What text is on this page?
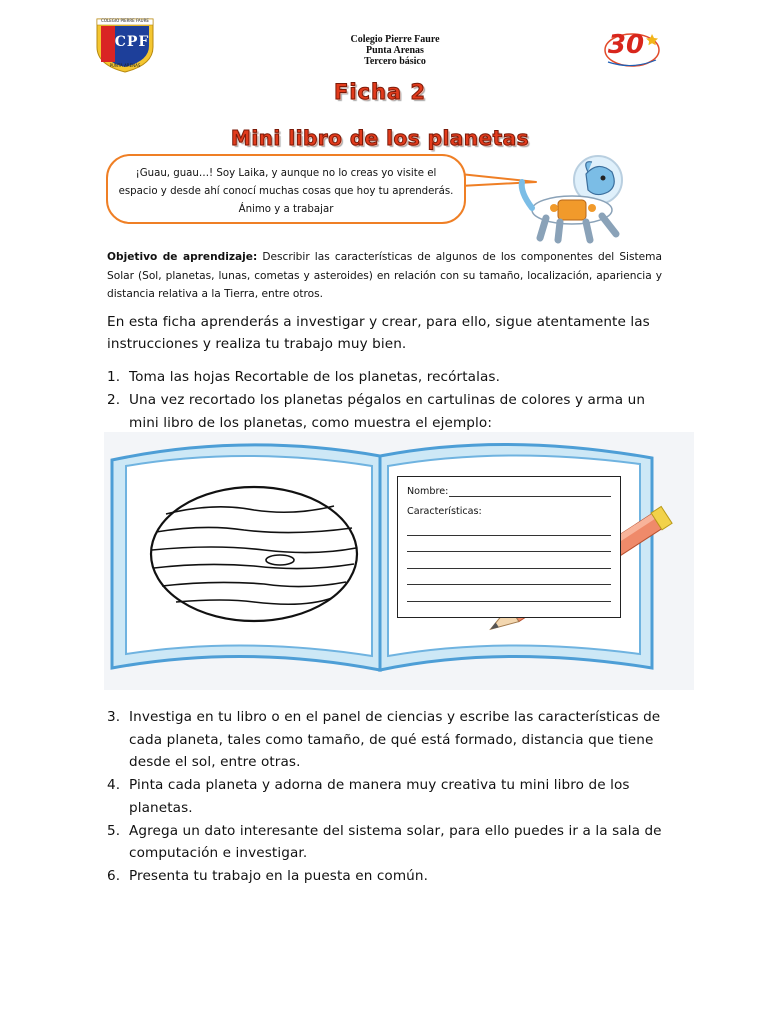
COLEGIO PIERRE FAURE
CPF
PUNTA ARENAS
Colegio Pierre Faure
Punta Arenas
Tercero básico
30
Ficha 2
Mini libro de los planetas
¡Guau, guau…! Soy Laika, y aunque no lo creas yo visite el espacio y desde ahí conocí muchas cosas que hoy tu aprenderás. Ánimo y a trabajar
Objetivo de aprendizaje: Describir las características de algunos de los componentes del Sistema Solar (Sol, planetas, lunas, cometas y asteroides) en relación con su tamaño, localización, apariencia y distancia relativa a la Tierra, entre otros.
En esta ficha aprenderás a investigar y crear, para ello, sigue atentamente las instrucciones y realiza tu trabajo muy bien.
1. Toma las hojas Recortable de los planetas, recórtalas.
2. Una vez recortado los planetas pégalos en cartulinas de colores y arma un mini libro de los planetas, como muestra el ejemplo:
Nombre:
Características:
3. Investiga en tu libro o en el panel de ciencias y escribe las características de cada planeta, tales como tamaño, de qué está formado, distancia que tiene desde el sol, entre otras.
4. Pinta cada planeta y adorna de manera muy creativa tu mini libro de los planetas.
5. Agrega un dato interesante del sistema solar, para ello puedes ir a la sala de computación e investigar.
6. Presenta tu trabajo en la puesta en común.
